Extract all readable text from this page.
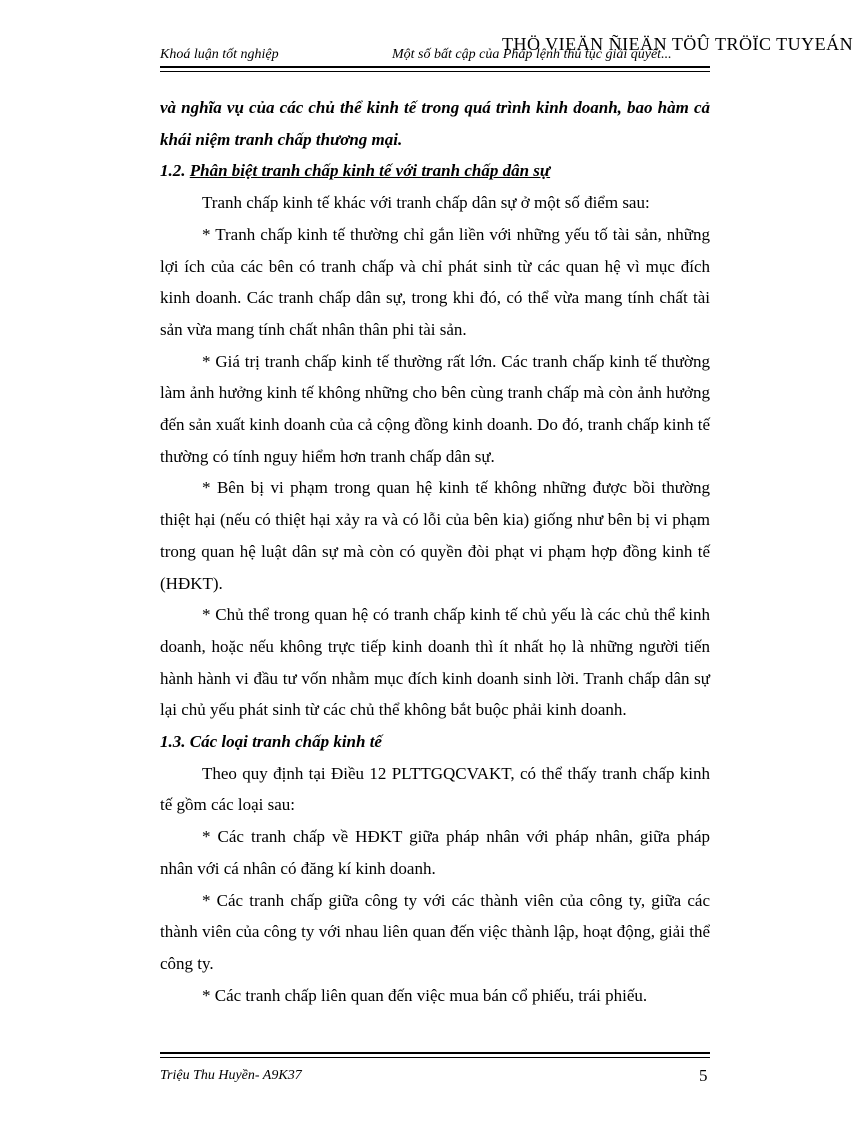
Khoá luận tốt nghiệp	Một số bất cập của Pháp lệnh thủ tục giải quyết...
THÖ VIEÄN ÑIEÄN TÖÛ TRÖÏC TUYEÁN

và nghĩa vụ của các chủ thể kinh tế trong quá trình kinh doanh, bao hàm cả khái niệm tranh chấp thương mại.

1.2. Phân biệt tranh chấp kinh tế với tranh chấp dân sự

Tranh chấp kinh tế khác với tranh chấp dân sự ở một số điểm sau:

* Tranh chấp kinh tế thường chỉ gắn liền với những yếu tố tài sản, những lợi ích của các bên có tranh chấp và chỉ phát sinh từ các quan hệ vì mục đích kinh doanh. Các tranh chấp dân sự, trong khi đó, có thể vừa mang tính chất tài sản vừa mang tính chất nhân thân phi tài sản.

* Giá trị tranh chấp kinh tế thường rất lớn. Các tranh chấp kinh tế thường làm ảnh hưởng kinh tế không những cho bên cùng tranh chấp mà còn ảnh hưởng đến sản xuất kinh doanh của cả cộng đồng kinh doanh. Do đó, tranh chấp kinh tế thường có tính nguy hiểm hơn tranh chấp dân sự.

* Bên bị vi phạm trong quan hệ kinh tế không những được bồi thường thiệt hại (nếu có thiệt hại xảy ra và có lỗi của bên kia) giống như bên bị vi phạm trong quan hệ luật dân sự mà còn có quyền đòi phạt vi phạm hợp đồng kinh tế (HĐKT).

* Chủ thể trong quan hệ có tranh chấp kinh tế chủ yếu là các chủ thể kinh doanh, hoặc nếu không trực tiếp kinh doanh thì ít nhất họ là những người tiến hành hành vi đầu tư vốn nhằm mục đích kinh doanh sinh lời. Tranh chấp dân sự lại chủ yếu phát sinh từ các chủ thể không bắt buộc phải kinh doanh.

1.3. Các loại tranh chấp kinh tế

Theo quy định tại Điều 12 PLTTGQCVAKT, có thể thấy tranh chấp kinh tế gồm các loại sau:

* Các tranh chấp về HĐKT giữa pháp nhân với pháp nhân, giữa pháp nhân với cá nhân có đăng kí kinh doanh.

* Các tranh chấp giữa công ty với các thành viên của công ty, giữa các thành viên của công ty với nhau liên quan đến việc thành lập, hoạt động, giải thể công ty.

* Các tranh chấp liên quan đến việc mua bán cổ phiếu, trái phiếu.

Triệu Thu Huyền- A9K37	5
